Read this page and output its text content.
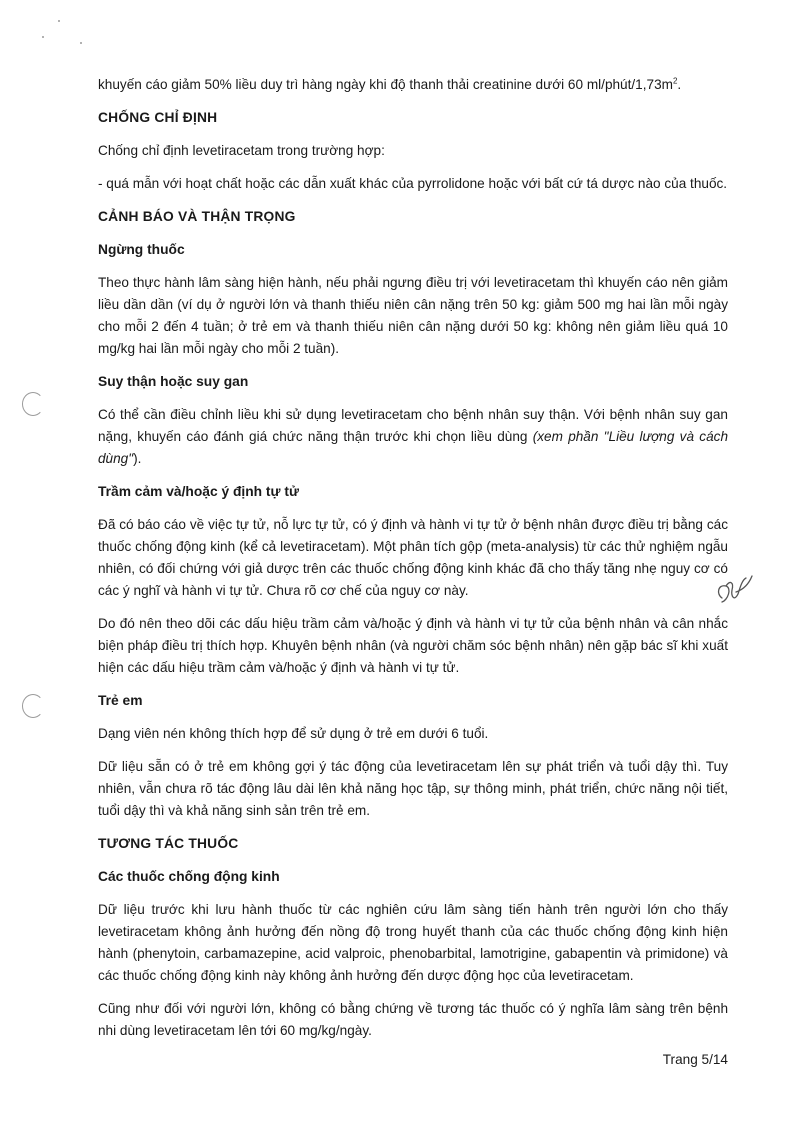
khuyến cáo giảm 50% liều duy trì hàng ngày khi độ thanh thải creatinine dưới 60 $ml/phút/1,73m^2$.

CHỐNG CHỈ ĐỊNH

Chống chỉ định levetiracetam trong trường hợp:

- quá mẫn với hoạt chất hoặc các dẫn xuất khác của pyrrolidone hoặc với bất cứ tá dược nào của thuốc.

CẢNH BÁO VÀ THẬN TRỌNG
Ngừng thuốc

Theo thực hành lâm sàng hiện hành, nếu phải ngưng điều trị với levetiracetam thì khuyến cáo nên giảm liều dần dần (ví dụ ở người lớn và thanh thiếu niên cân nặng trên 50 kg: giảm 500 mg hai lần mỗi ngày cho mỗi 2 đến 4 tuần; ở trẻ em và thanh thiếu niên cân nặng dưới 50 kg: không nên giảm liều quá 10 mg/kg hai lần mỗi ngày cho mỗi 2 tuần).

Suy thận hoặc suy gan

Có thể cần điều chỉnh liều khi sử dụng levetiracetam cho bệnh nhân suy thận. Với bệnh nhân suy gan nặng, khuyến cáo đánh giá chức năng thận trước khi chọn liều dùng (xem phần "Liều lượng và cách dùng").

Trầm cảm và/hoặc ý định tự tử

Đã có báo cáo về việc tự tử, nỗ lực tự tử, có ý định và hành vi tự tử ở bệnh nhân được điều trị bằng các thuốc chống động kinh (kể cả levetiracetam). Một phân tích gộp (meta-analysis) từ các thử nghiệm ngẫu nhiên, có đối chứng với giả dược trên các thuốc chống động kinh khác đã cho thấy tăng nhẹ nguy cơ có các ý nghĩ và hành vi tự tử. Chưa rõ cơ chế của nguy cơ này.

Do đó nên theo dõi các dấu hiệu trầm cảm và/hoặc ý định và hành vi tự tử của bệnh nhân và cân nhắc biện pháp điều trị thích hợp. Khuyên bệnh nhân (và người chăm sóc bệnh nhân) nên gặp bác sĩ khi xuất hiện các dấu hiệu trầm cảm và/hoặc ý định và hành vi tự tử.

Trẻ em

Dạng viên nén không thích hợp để sử dụng ở trẻ em dưới 6 tuổi.

Dữ liệu sẵn có ở trẻ em không gợi ý tác động của levetiracetam lên sự phát triển và tuổi dậy thì. Tuy nhiên, vẫn chưa rõ tác động lâu dài lên khả năng học tập, sự thông minh, phát triển, chức năng nội tiết, tuổi dậy thì và khả năng sinh sản trên trẻ em.

TƯƠNG TÁC THUỐC
Các thuốc chống động kinh

Dữ liệu trước khi lưu hành thuốc từ các nghiên cứu lâm sàng tiến hành trên người lớn cho thấy levetiracetam không ảnh hưởng đến nồng độ trong huyết thanh của các thuốc chống động kinh hiện hành (phenytoin, carbamazepine, acid valproic, phenobarbital, lamotrigine, gabapentin và primidone) và các thuốc chống động kinh này không ảnh hưởng đến dược động học của levetiracetam.

Cũng như đối với người lớn, không có bằng chứng về tương tác thuốc có ý nghĩa lâm sàng trên bệnh nhi dùng levetiracetam lên tới 60 mg/kg/ngày.

Trang 5/14
